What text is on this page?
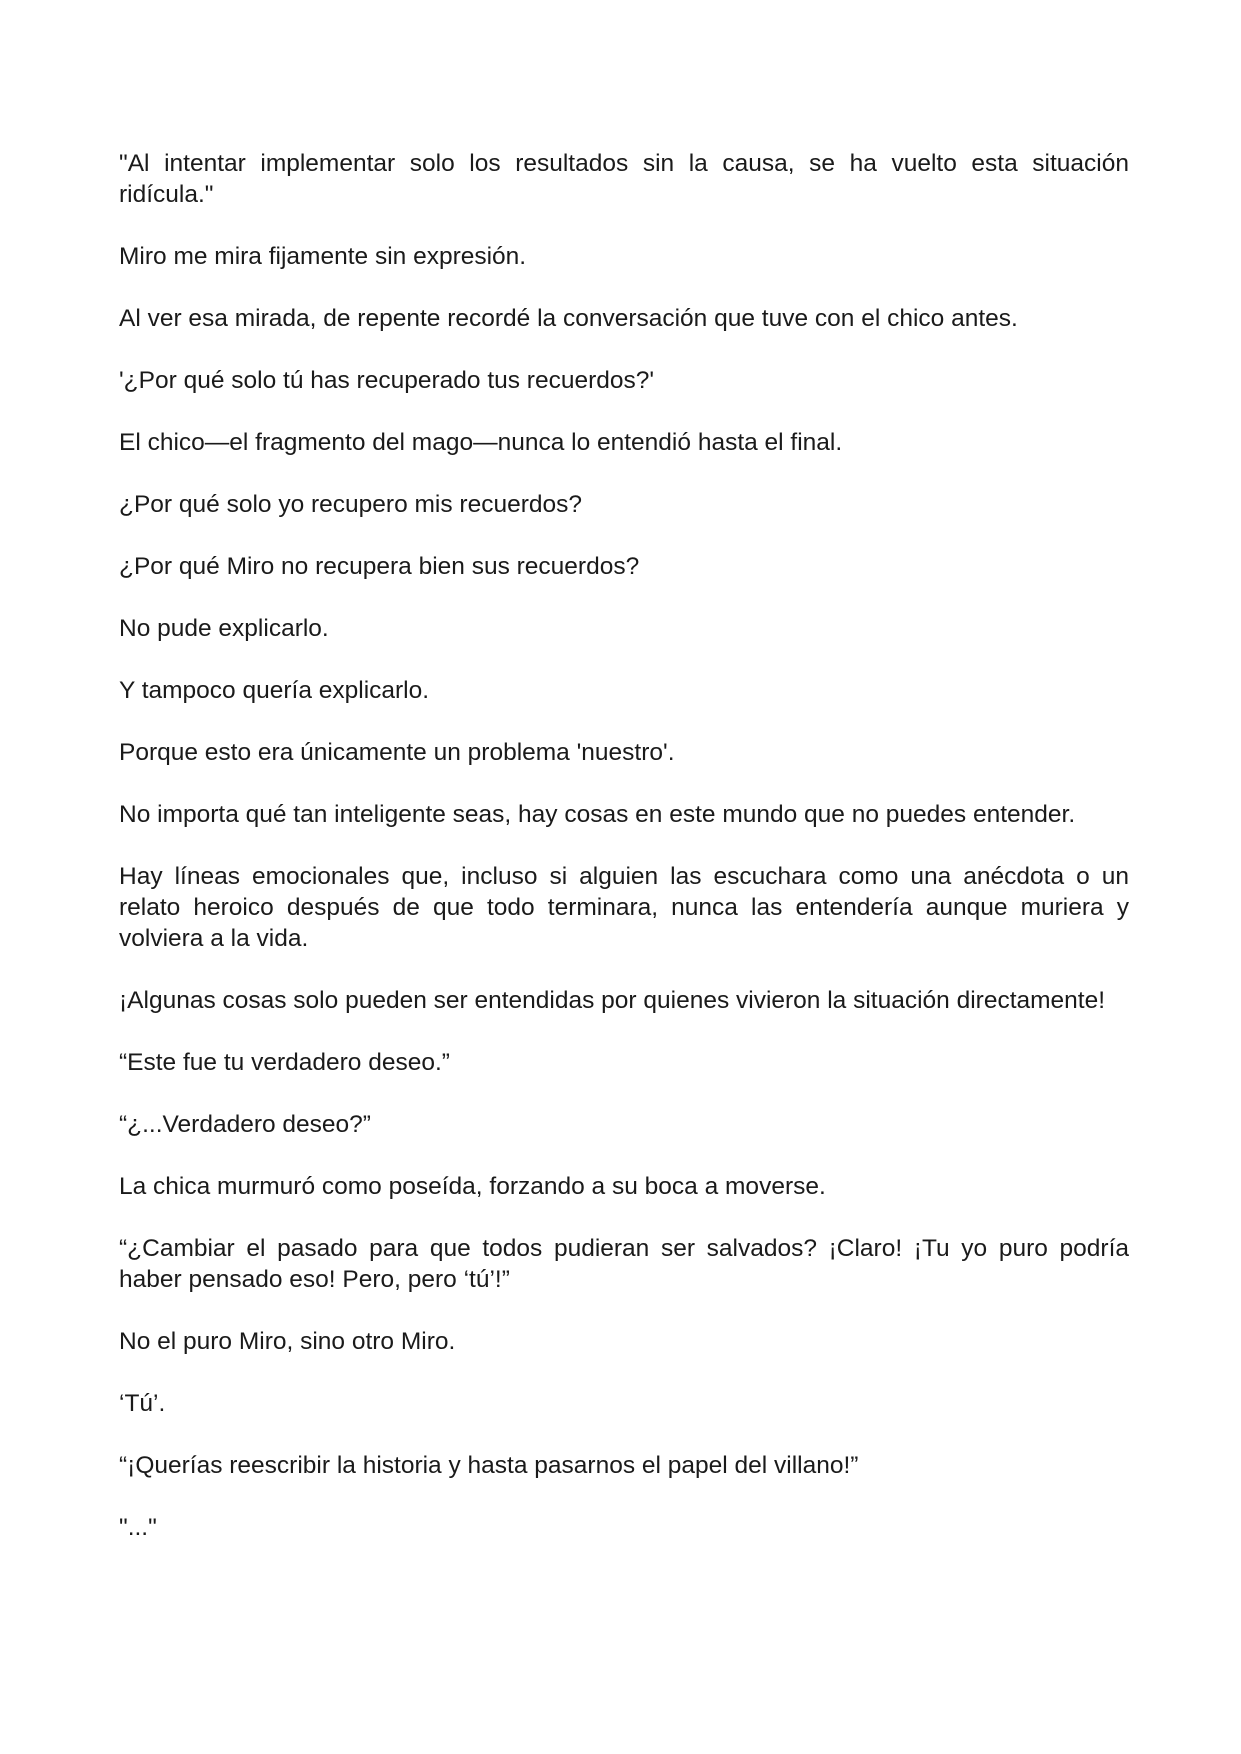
"Al intentar implementar solo los resultados sin la causa, se ha vuelto esta situación ridícula."

Miro me mira fijamente sin expresión.

Al ver esa mirada, de repente recordé la conversación que tuve con el chico antes.

'¿Por qué solo tú has recuperado tus recuerdos?'

El chico—el fragmento del mago—nunca lo entendió hasta el final.

¿Por qué solo yo recupero mis recuerdos?

¿Por qué Miro no recupera bien sus recuerdos?

No pude explicarlo.

Y tampoco quería explicarlo.

Porque esto era únicamente un problema 'nuestro'.

No importa qué tan inteligente seas, hay cosas en este mundo que no puedes entender.

Hay líneas emocionales que, incluso si alguien las escuchara como una anécdota o un relato heroico después de que todo terminara, nunca las entendería aunque muriera y volviera a la vida.

¡Algunas cosas solo pueden ser entendidas por quienes vivieron la situación directamente!

“Este fue tu verdadero deseo.”

“¿...Verdadero deseo?”

La chica murmuró como poseída, forzando a su boca a moverse.

“¿Cambiar el pasado para que todos pudieran ser salvados? ¡Claro! ¡Tu yo puro podría haber pensado eso! Pero, pero ‘tú’!”

No el puro Miro, sino otro Miro.

‘Tú’.

“¡Querías reescribir la historia y hasta pasarnos el papel del villano!”

"..."
